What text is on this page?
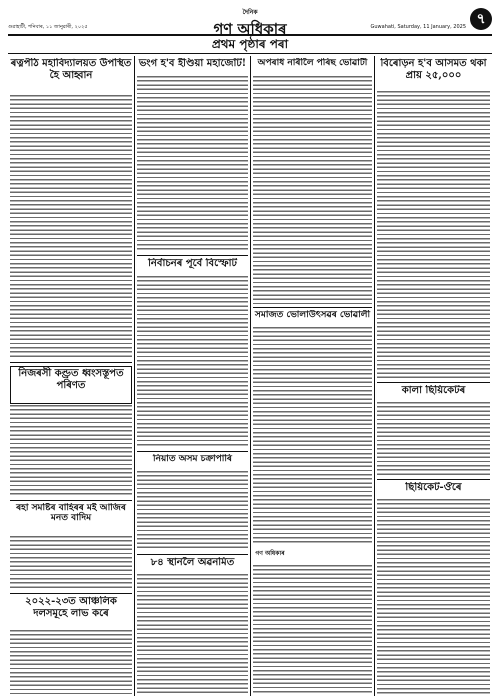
গুৱাহাটী, শনিবাৰ, ১১ জানুৱাৰী, ২০২৫
দৈনিক
গণ অধিকাৰ	Guwahati, Saturday, 11 January, 2025 ৭
প্ৰথম পৃষ্ঠাৰ পৰা
ৰত্নপীঠ মহাবিদ্যালয়ত উপস্থিত হৈ আহ্বান
নিজৰসী কণ্ড্ৰত ধ্বংসস্তূপত পৰিণত
ৰহা সমষ্টিৰ বাহিৰৰ মই আজিৰ মনত বাদিম
২০২২-২৩ত আঞ্চলিক দলসমূহে লাভ কৰে
ভংগ হ'ব ইণ্ডিয়া মহাজোঁট!
নিৰ্বাচনৰ পূৰ্বে বিস্ফোট
নিয়াত অসম চক্ৰাপাৰি
৮৪ স্থানলৈ অৱনমিত
অপৰাধ নাৰীলৈ পৰিছ ভোৱাটী
সমাজত ভোলাউৎসৱৰ ভোৱালী
গণ অধিকাৰ
বিৰোড়ন হ'ব আসমত থকা প্ৰায় ২৫,০০০
কালা ছিঁয়িকেটৰ
ছিঁয়িকেট-ঔৰে
